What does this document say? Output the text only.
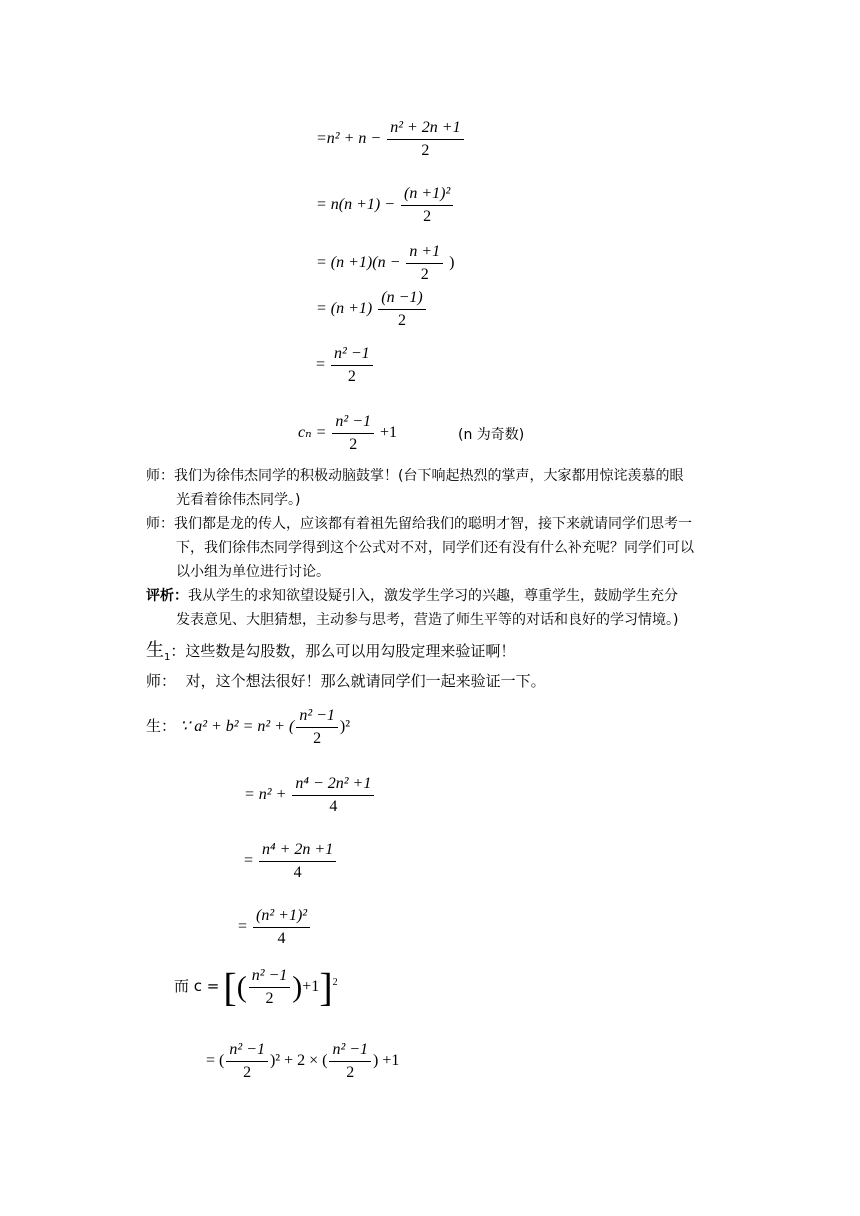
$=n^2 + n - \frac{\text{n² + 2n +1}}{2}$
= $n(n +1) - \frac{\text{(n +1)²}}{2}$
= $(n +1)(n - \frac{n +1}{2}$ )
= $(n +1) \frac{(n -1)}{2}$
= $\frac{\text{n² −1}}{2}$
$c_n = \frac{\text{n² −1}}{2} +1$	(n 为奇数)
师：我们为徐伟杰同学的积极动脑鼓掌！(台下响起热烈的掌声，大家都用惊诧羡慕的眼
光看着徐伟杰同学。)
师：我们都是龙的传人，应该都有着祖先留给我们的聪明才智，接下来就请同学们思考一
下，我们徐伟杰同学得到这个公式对不对，同学们还有没有什么补充呢？同学们可以
以小组为单位进行讨论。
评析：我从学生的求知欲望设疑引入，激发学生学习的兴趣，尊重学生，鼓励学生充分
发表意见、大胆猜想，主动参与思考，营造了师生平等的对话和良好的学习情境。)
生$_1$：这些数是勾股数，那么可以用勾股定理来验证啊！
师： 对，这个想法很好！那么就请同学们一起来验证一下。
生： ∵ a² + b² = n² + ( $\frac{\text{n² −1}}{2} )^2$
= $n^2 + \frac{\text{n⁴ − 2n² +1}}{4}$
= $\frac{\text{n⁴ + 2n +1}}{4}$
= $\frac{\text{(n² +1)²}}{4}$
而 c = [( $\frac{\text{n² −1}}{2} )+1]^2$
= ( $\frac{\text{n² −1}}{2} )^2 + 2$ × ( $\frac{\text{n² −1}}{2}$ ) +1
